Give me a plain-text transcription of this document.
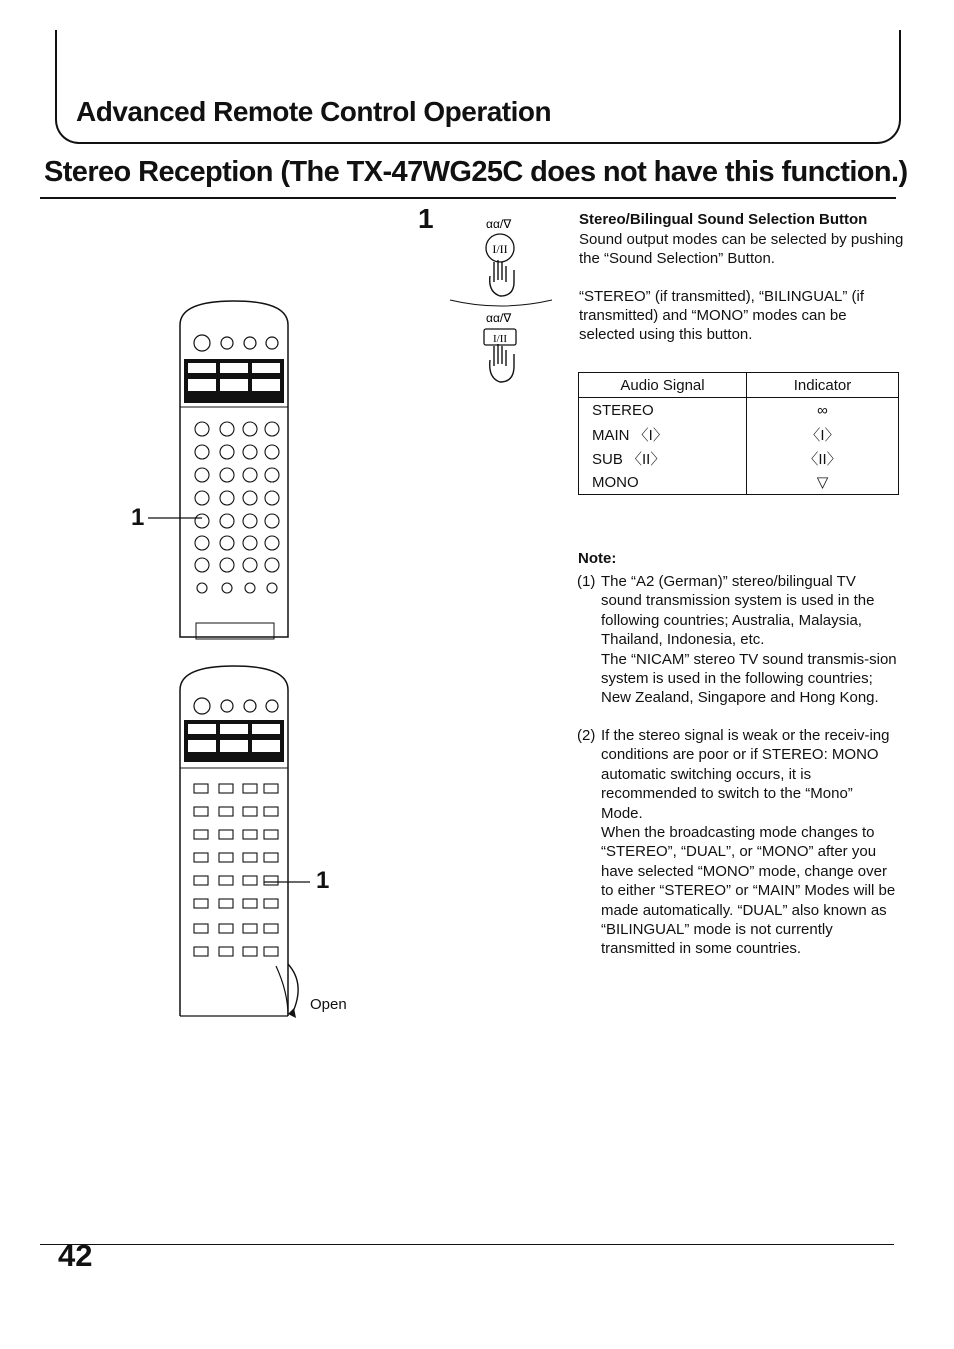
Advanced Remote Control Operation
Stereo Reception (The TX-47WG25C does not have this function.)
1	αα/∇
I/II
αα/∇
I/II
Stereo/Bilingual Sound Selection Button
Sound output modes can be selected by pushing the “Sound Selection” Button.
“STEREO” (if transmitted), “BILINGUAL” (if transmitted) and “MONO” modes can be selected using this button.
Audio Signal	Indicator
STEREO	∞
MAIN 〈I〉	〈I〉
SUB 〈II〉	〈II〉
MONO	▽
Note:
(1) The “A2 (German)” stereo/bilingual TV sound transmission system is used in the following countries; Australia, Malaysia, Thailand, Indonesia, etc.

The “NICAM” stereo TV sound transmis-sion system is used in the following countries; New Zealand, Singapore and Hong Kong.

(2) If the stereo signal is weak or the receiv-ing conditions are poor or if STEREO: MONO automatic switching occurs, it is recommended to switch to the “Mono” Mode.

When the broadcasting mode changes to “STEREO”, “DUAL”, or “MONO” after you have selected “MONO” mode, change over to either “STEREO” or “MAIN” Modes will be made automatically. “DUAL” also known as “BILINGUAL” mode is not currently transmitted in some countries.

1
1
Open
42
